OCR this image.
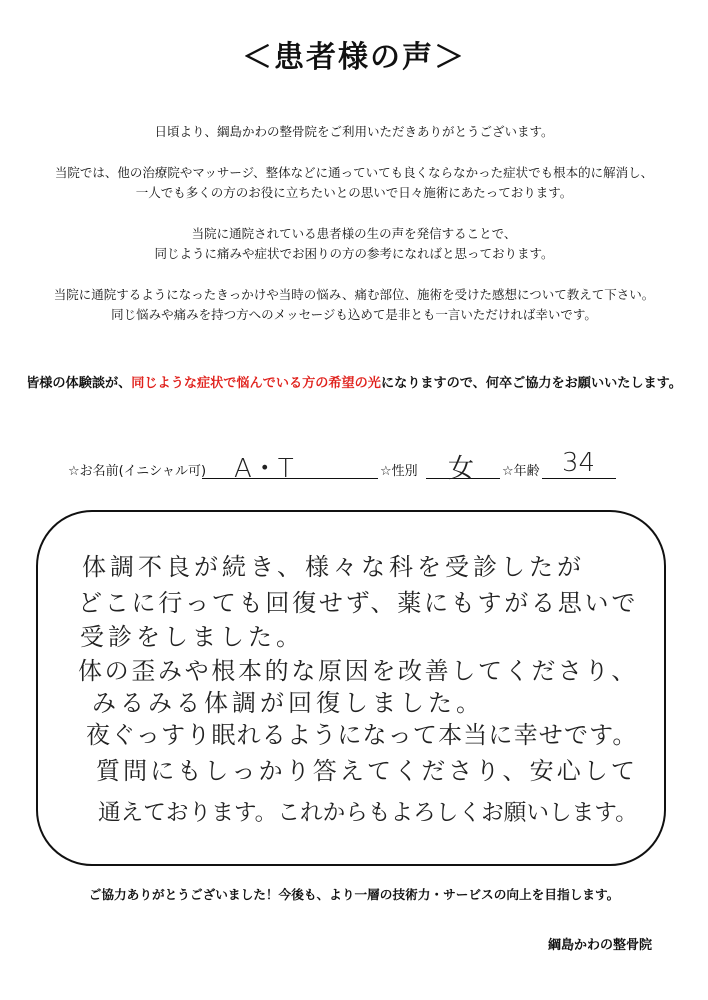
＜患者様の声＞

日頃より、綱島かわの整骨院をご利用いただきありがとうございます。

当院では、他の治療院やマッサージ、整体などに通っていても良くならなかった症状でも根本的に解消し、
一人でも多くの方のお役に立ちたいとの思いで日々施術にあたっております。

当院に通院されている患者様の生の声を発信することで、
同じように痛みや症状でお困りの方の参考になればと思っております。

当院に通院するようになったきっかけや当時の悩み、痛む部位、施術を受けた感想について教えて下さい。
同じ悩みや痛みを持つ方へのメッセージも込めて是非とも一言いただければ幸いです。

皆様の体験談が、同じような症状で悩んでいる方の希望の光になりますので、何卒ご協力をお願いいたします。
☆お名前(イニシャル可) A・T	☆性別 女 ☆年齢 34
体調不良が続き、様々な科を受診したが
どこに行っても回復せず、薬にもすがる思いで
受診をしました。
体の歪みや根本的な原因を改善してくださり、
みるみる体調が回復しました。
夜ぐっすり眠れるようになって本当に幸せです。
質問にもしっかり答えてくださり、安心して
通えております。これからもよろしくお願いします。
ご協力ありがとうございました！今後も、より一層の技術力・サービスの向上を目指します。
綱島かわの整骨院
